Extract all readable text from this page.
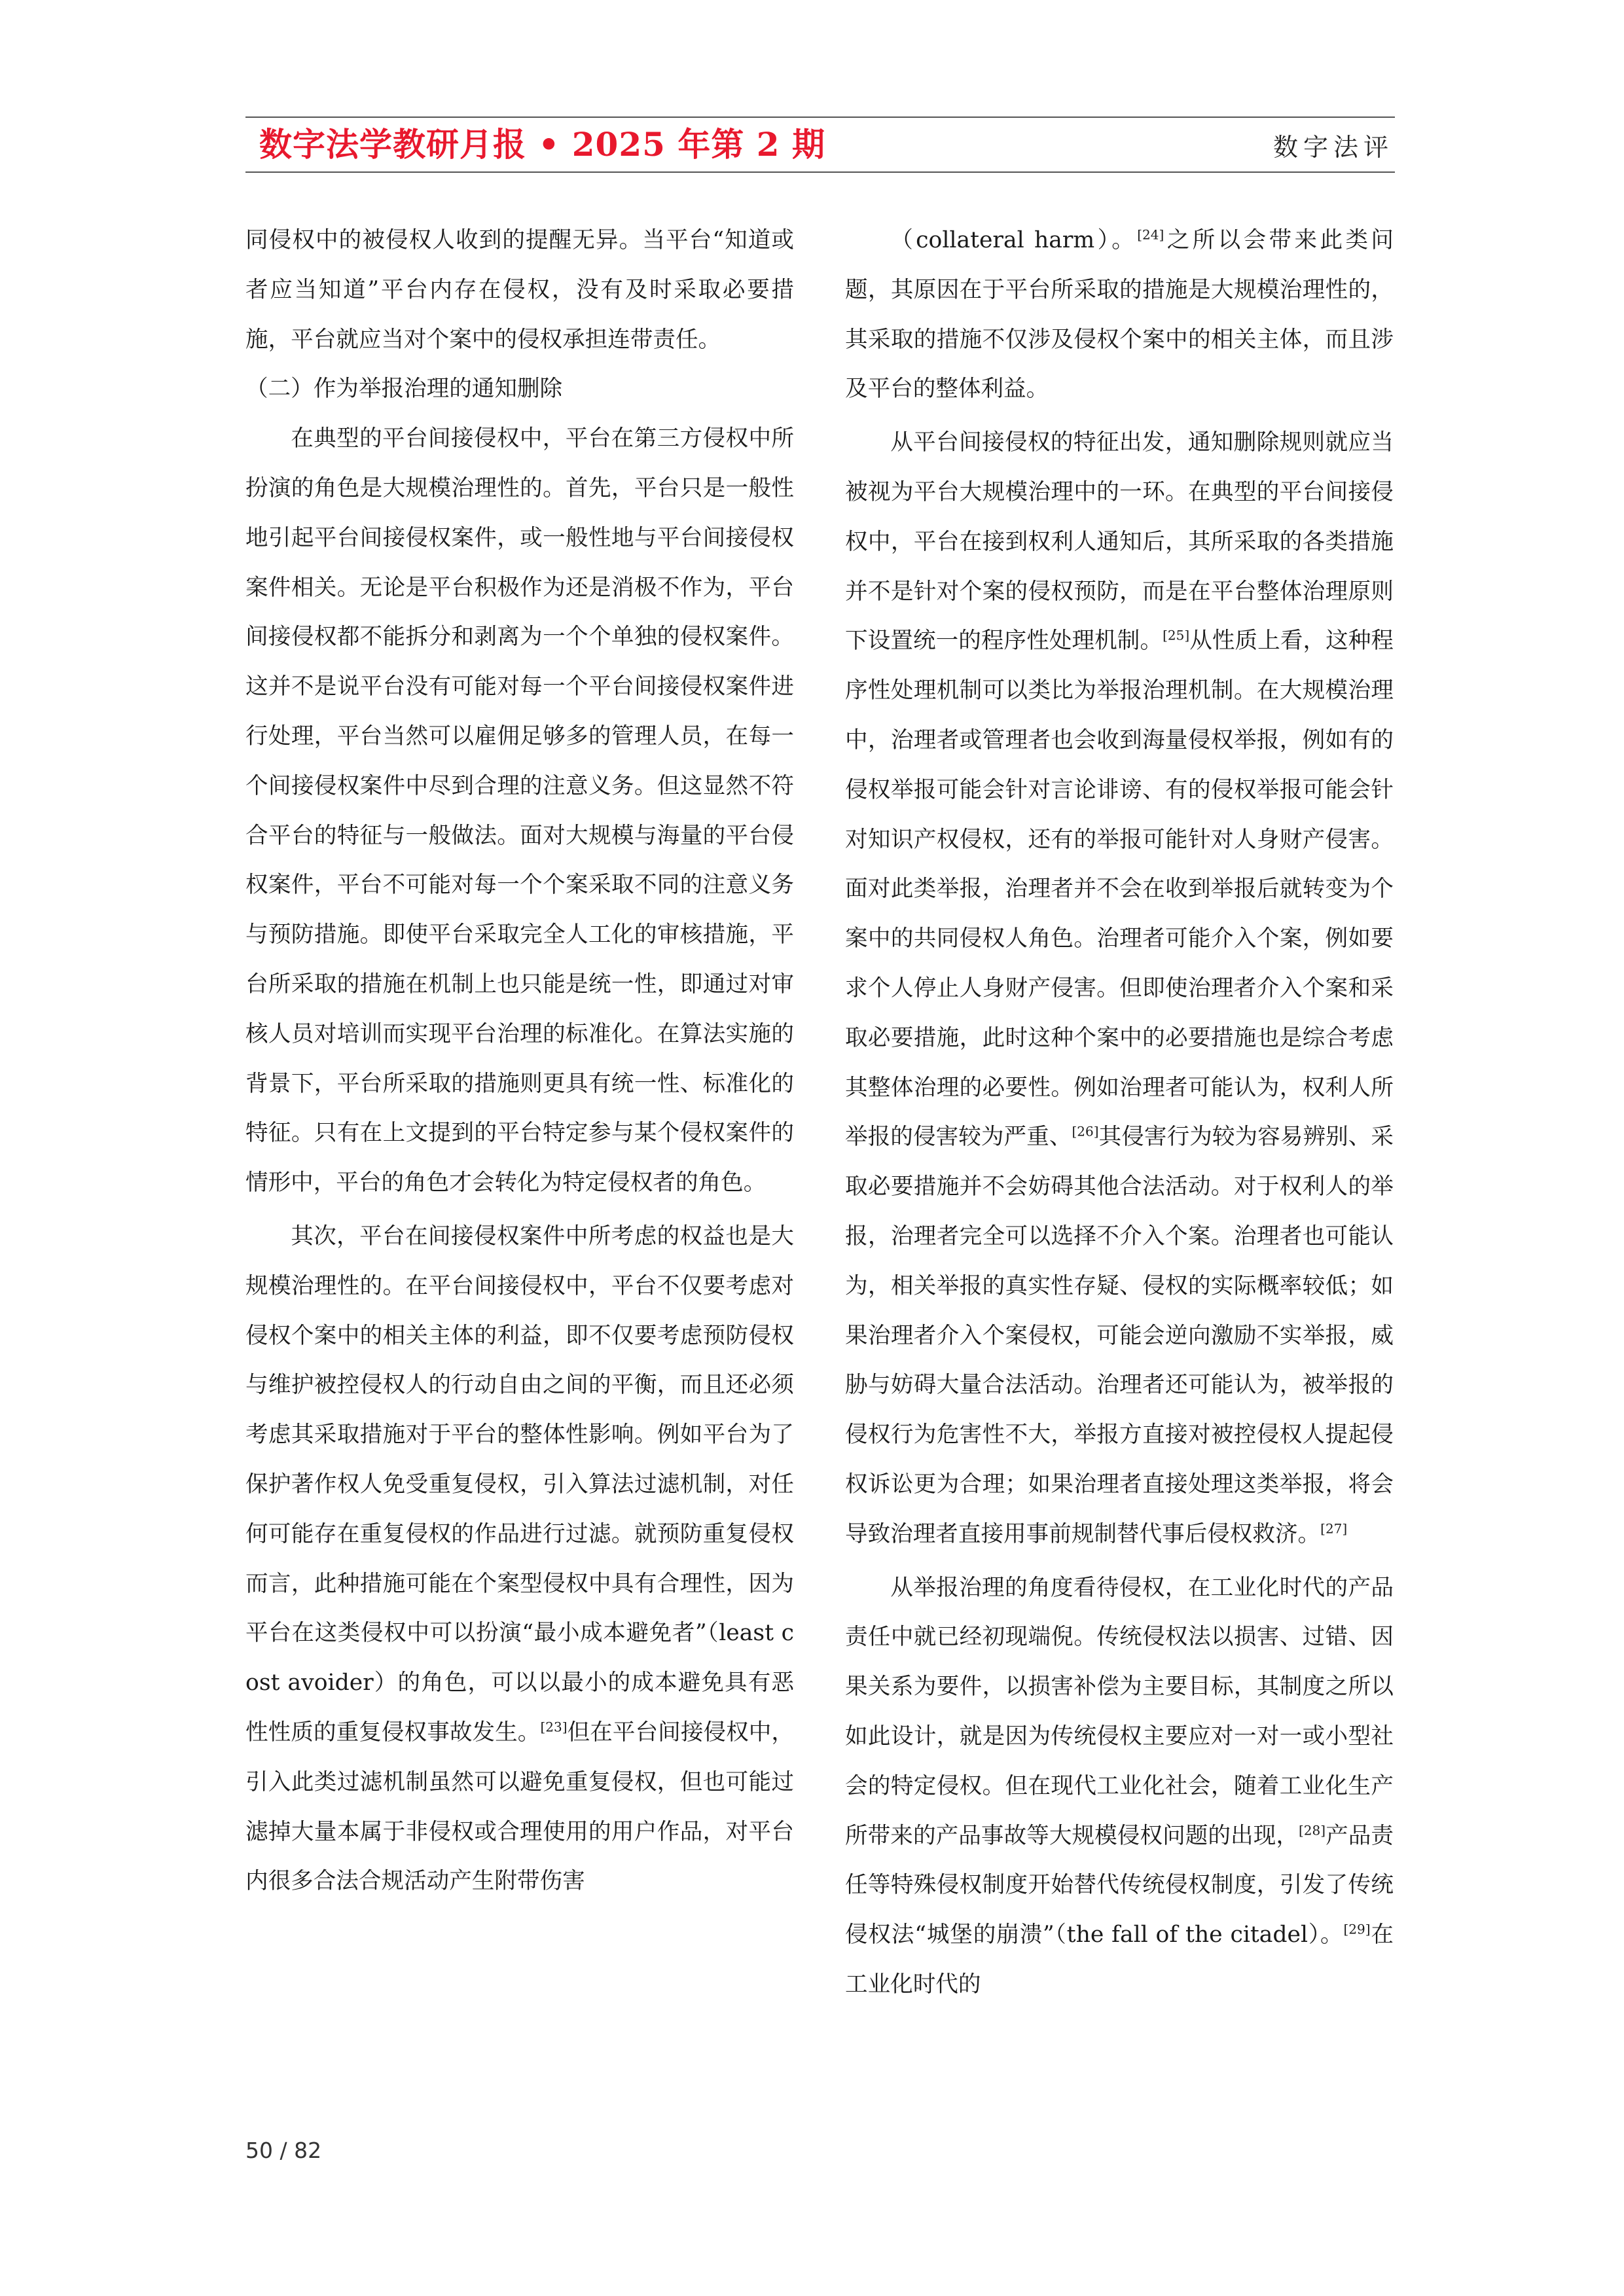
数字法学教研月报 • 2025 年第 2 期	数字法评

同侵权中的被侵权人收到的提醒无异。当平台“知道或者应当知道”平台内存在侵权，没有及时采取必要措施，平台就应当对个案中的侵权承担连带责任。

（二）作为举报治理的通知删除

在典型的平台间接侵权中，平台在第三方侵权中所扮演的角色是大规模治理性的。首先，平台只是一般性地引起平台间接侵权案件，或一般性地与平台间接侵权案件相关。无论是平台积极作为还是消极不作为，平台间接侵权都不能拆分和剥离为一个个单独的侵权案件。这并不是说平台没有可能对每一个平台间接侵权案件进行处理，平台当然可以雇佣足够多的管理人员，在每一个间接侵权案件中尽到合理的注意义务。但这显然不符合平台的特征与一般做法。面对大规模与海量的平台侵权案件，平台不可能对每一个个案采取不同的注意义务与预防措施。即使平台采取完全人工化的审核措施，平台所采取的措施在机制上也只能是统一性，即通过对审核人员对培训而实现平台治理的标准化。在算法实施的背景下，平台所采取的措施则更具有统一性、标准化的特征。只有在上文提到的平台特定参与某个侵权案件的情形中，平台的角色才会转化为特定侵权者的角色。

其次，平台在间接侵权案件中所考虑的权益也是大规模治理性的。在平台间接侵权中，平台不仅要考虑对侵权个案中的相关主体的利益，即不仅要考虑预防侵权与维护被控侵权人的行动自由之间的平衡，而且还必须考虑其采取措施对于平台的整体性影响。例如平台为了保护著作权人免受重复侵权，引入算法过滤机制，对任何可能存在重复侵权的作品进行过滤。就预防重复侵权而言，此种措施可能在个案型侵权中具有合理性，因为平台在这类侵权中可以扮演“最小成本避免者”（least cost avoider）的角色，可以以最小的成本避免具有恶性性质的重复侵权事故发生。[23]但在平台间接侵权中，引入此类过滤机制虽然可以避免重复侵权，但也可能过滤掉大量本属于非侵权或合理使用的用户作品，对平台内很多合法合规活动产生附带伤害

（collateral harm）。[24]之所以会带来此类问题，其原因在于平台所采取的措施是大规模治理性的，其采取的措施不仅涉及侵权个案中的相关主体，而且涉及平台的整体利益。

从平台间接侵权的特征出发，通知删除规则就应当被视为平台大规模治理中的一环。在典型的平台间接侵权中，平台在接到权利人通知后，其所采取的各类措施并不是针对个案的侵权预防，而是在平台整体治理原则下设置统一的程序性处理机制。[25]从性质上看，这种程序性处理机制可以类比为举报治理机制。在大规模治理中，治理者或管理者也会收到海量侵权举报，例如有的侵权举报可能会针对言论诽谤、有的侵权举报可能会针对知识产权侵权，还有的举报可能针对人身财产侵害。面对此类举报，治理者并不会在收到举报后就转变为个案中的共同侵权人角色。治理者可能介入个案，例如要求个人停止人身财产侵害。但即使治理者介入个案和采取必要措施，此时这种个案中的必要措施也是综合考虑其整体治理的必要性。例如治理者可能认为，权利人所举报的侵害较为严重、[26]其侵害行为较为容易辨别、采取必要措施并不会妨碍其他合法活动。对于权利人的举报，治理者完全可以选择不介入个案。治理者也可能认为，相关举报的真实性存疑、侵权的实际概率较低；如果治理者介入个案侵权，可能会逆向激励不实举报，威胁与妨碍大量合法活动。治理者还可能认为，被举报的侵权行为危害性不大，举报方直接对被控侵权人提起侵权诉讼更为合理；如果治理者直接处理这类举报，将会导致治理者直接用事前规制替代事后侵权救济。[27]

从举报治理的角度看待侵权，在工业化时代的产品责任中就已经初现端倪。传统侵权法以损害、过错、因果关系为要件，以损害补偿为主要目标，其制度之所以如此设计，就是因为传统侵权主要应对一对一或小型社会的特定侵权。但在现代工业化社会，随着工业化生产所带来的产品事故等大规模侵权问题的出现，[28]产品责任等特殊侵权制度开始替代传统侵权制度，引发了传统侵权法“城堡的崩溃”（the fall of the citadel）。[29]在工业化时代的

50 / 82
